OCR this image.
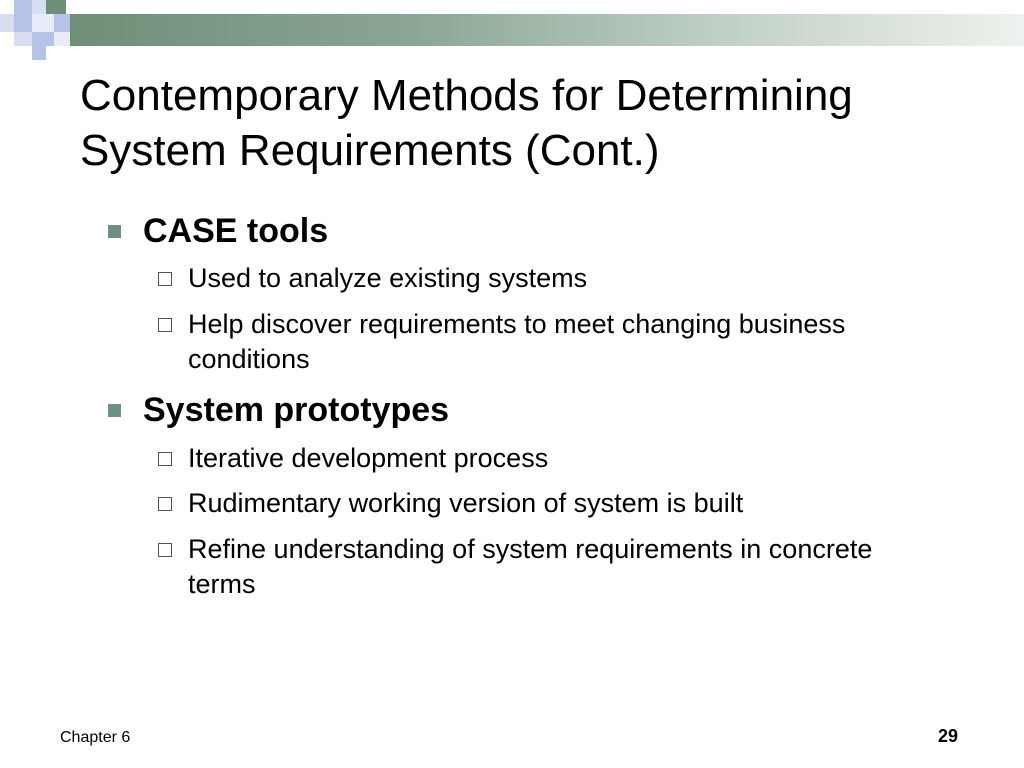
Contemporary Methods for Determining
System Requirements (Cont.)
CASE tools
Used to analyze existing systems
Help discover requirements to meet changing business conditions
System prototypes
Iterative development process
Rudimentary working version of system is built
Refine understanding of system requirements in concrete terms
Chapter 6	29
